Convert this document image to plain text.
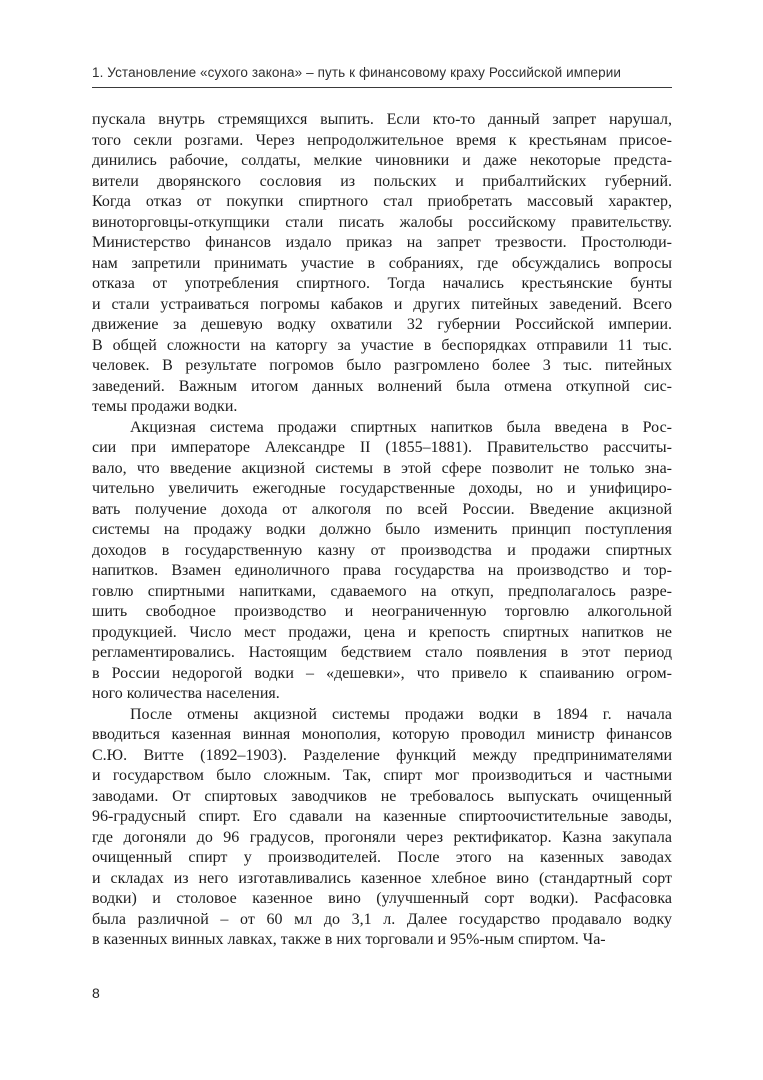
1. Установление «сухого закона» – путь к финансовому краху Российской империи
пускала внутрь стремящихся выпить. Если кто-то данный запрет нарушал,
того секли розгами. Через непродолжительное время к крестьянам присое-
динились рабочие, солдаты, мелкие чиновники и даже некоторые предста-
вители дворянского сословия из польских и прибалтийских губерний.
Когда отказ от покупки спиртного стал приобретать массовый характер,
виноторговцы-откупщики стали писать жалобы российскому правительству.
Министерство финансов издало приказ на запрет трезвости. Простолюди-
нам запретили принимать участие в собраниях, где обсуждались вопросы
отказа от употребления спиртного. Тогда начались крестьянские бунты
и стали устраиваться погромы кабаков и других питейных заведений. Всего
движение за дешевую водку охватили 32 губернии Российской империи.
В общей сложности на каторгу за участие в беспорядках отправили 11 тыс.
человек. В результате погромов было разгромлено более 3 тыс. питейных
заведений. Важным итогом данных волнений была отмена откупной сис-
темы продажи водки.
Акцизная система продажи спиртных напитков была введена в Рос-
сии при императоре Александре II (1855–1881). Правительство рассчиты-
вало, что введение акцизной системы в этой сфере позволит не только зна-
чительно увеличить ежегодные государственные доходы, но и унифициро-
вать получение дохода от алкоголя по всей России. Введение акцизной
системы на продажу водки должно было изменить принцип поступления
доходов в государственную казну от производства и продажи спиртных
напитков. Взамен единоличного права государства на производство и тор-
говлю спиртными напитками, сдаваемого на откуп, предполагалось разре-
шить свободное производство и неограниченную торговлю алкогольной
продукцией. Число мест продажи, цена и крепость спиртных напитков не
регламентировались. Настоящим бедствием стало появления в этот период
в России недорогой водки – «дешевки», что привело к спаиванию огром-
ного количества населения.
После отмены акцизной системы продажи водки в 1894 г. начала
вводиться казенная винная монополия, которую проводил министр финансов
С.Ю. Витте (1892–1903). Разделение функций между предпринимателями
и государством было сложным. Так, спирт мог производиться и частными
заводами. От спиртовых заводчиков не требовалось выпускать очищенный
96-градусный спирт. Его сдавали на казенные спиртоочистительные заводы,
где догоняли до 96 градусов, прогоняли через ректификатор. Казна закупала
очищенный спирт у производителей. После этого на казенных заводах
и складах из него изготавливались казенное хлебное вино (стандартный сорт
водки) и столовое казенное вино (улучшенный сорт водки). Расфасовка
была различной – от 60 мл до 3,1 л. Далее государство продавало водку
в казенных винных лавках, также в них торговали и 95%-ным спиртом. Ча-
8
